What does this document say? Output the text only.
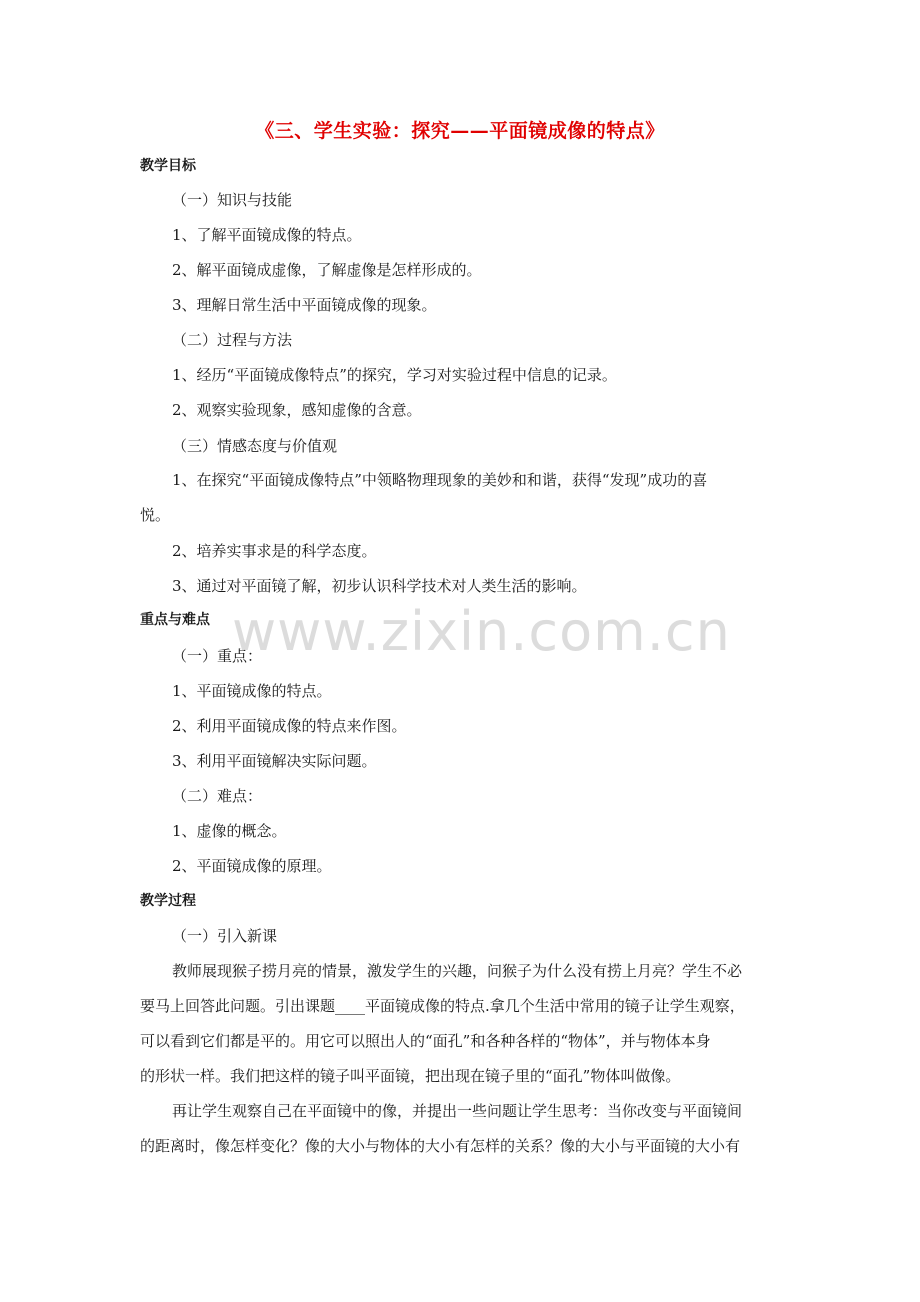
www.zixin.com.cn
《三、学生实验：探究——平面镜成像的特点》
教学目标
（一）知识与技能
1、了解平面镜成像的特点。
2、解平面镜成虚像，了解虚像是怎样形成的。
3、理解日常生活中平面镜成像的现象。
（二）过程与方法
1、经历“平面镜成像特点”的探究，学习对实验过程中信息的记录。
2、观察实验现象，感知虚像的含意。
（三）情感态度与价值观
1、在探究“平面镜成像特点”中领略物理现象的美妙和和谐，获得“发现”成功的喜
悦。
2、培养实事求是的科学态度。
3、通过对平面镜了解，初步认识科学技术对人类生活的影响。
重点与难点
（一）重点：
1、平面镜成像的特点。
2、利用平面镜成像的特点来作图。
3、利用平面镜解决实际问题。
（二）难点：
1、虚像的概念。
2、平面镜成像的原理。
教学过程
（一）引入新课
教师展现猴子捞月亮的情景，激发学生的兴趣，问猴子为什么没有捞上月亮？学生不必
要马上回答此问题。引出课题____平面镜成像的特点.拿几个生活中常用的镜子让学生观察，
可以看到它们都是平的。用它可以照出人的“面孔”和各种各样的“物体”，并与物体本身
的形状一样。我们把这样的镜子叫平面镜，把出现在镜子里的“面孔”物体叫做像。
再让学生观察自己在平面镜中的像，并提出一些问题让学生思考：当你改变与平面镜间
的距离时，像怎样变化？像的大小与物体的大小有怎样的关系？像的大小与平面镜的大小有
